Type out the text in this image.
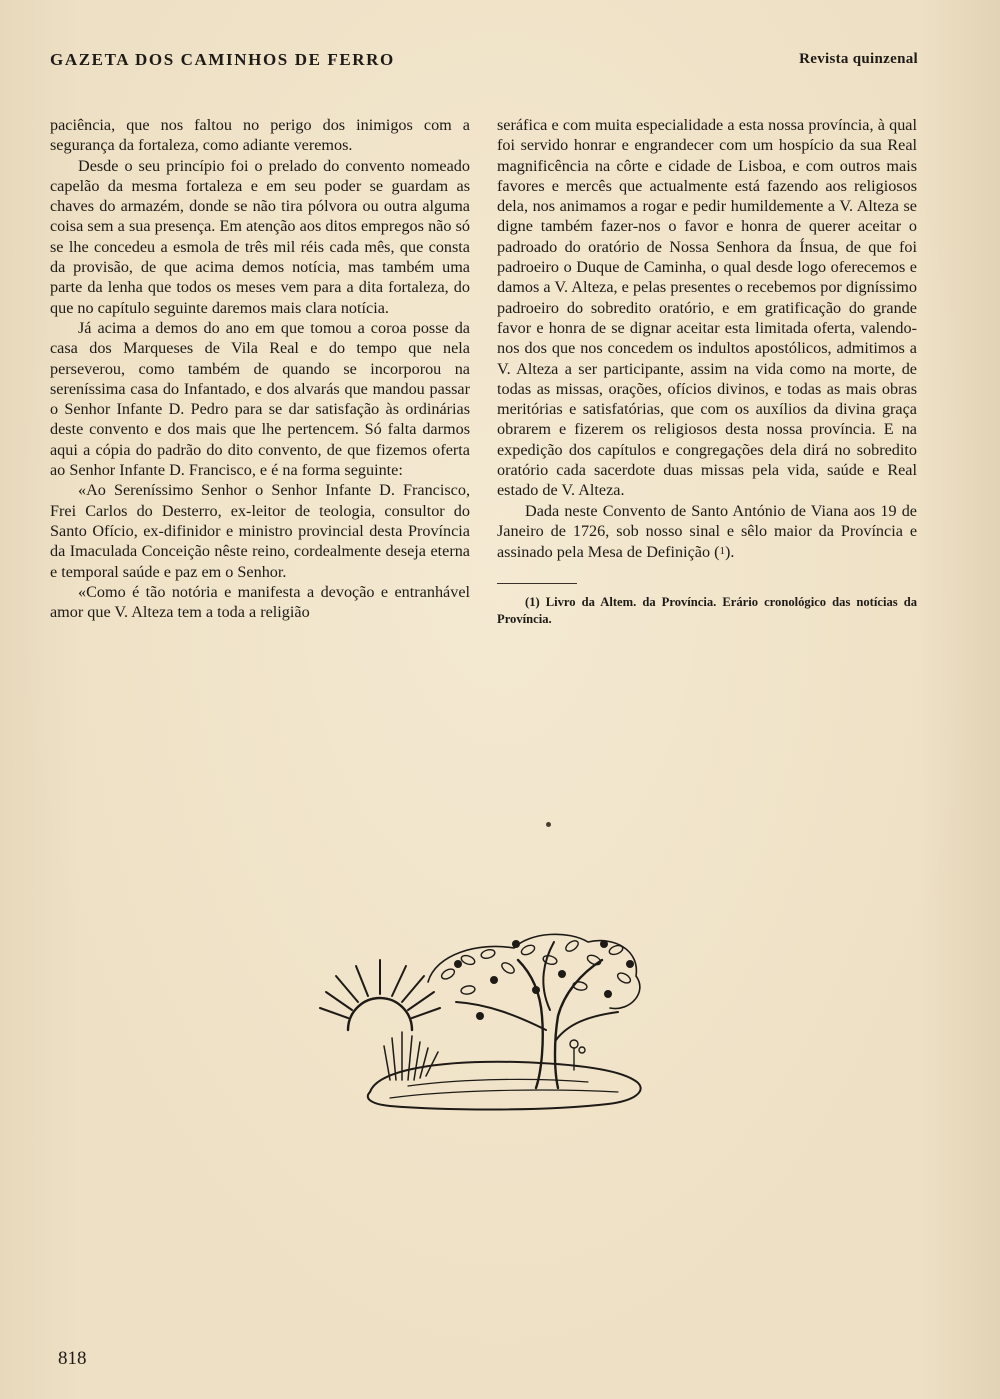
GAZETA DOS CAMINHOS DE FERRO	Revista quinzenal

paciência, que nos faltou no perigo dos inimigos com a segurança da fortaleza, como adiante veremos.

Desde o seu princípio foi o prelado do convento nomeado capelão da mesma fortaleza e em seu poder se guardam as chaves do armazém, donde se não tira pólvora ou outra alguma coisa sem a sua presença. Em atenção aos ditos empregos não só se lhe concedeu a esmola de três mil réis cada mês, que consta da provisão, de que acima demos notícia, mas também uma parte da lenha que todos os meses vem para a dita fortaleza, do que no capítulo seguinte daremos mais clara notícia.

Já acima a demos do ano em que tomou a coroa posse da casa dos Marqueses de Vila Real e do tempo que nela perseverou, como também de quando se incorporou na sereníssima casa do Infantado, e dos alvarás que mandou passar o Senhor Infante D. Pedro para se dar satisfação às ordinárias deste convento e dos mais que lhe pertencem. Só falta darmos aqui a cópia do padrão do dito convento, de que fizemos oferta ao Senhor Infante D. Francisco, e é na forma seguinte:

«Ao Sereníssimo Senhor o Senhor Infante D. Francisco, Frei Carlos do Desterro, ex-leitor de teologia, consultor do Santo Ofício, ex-difinidor e ministro provincial desta Província da Imaculada Conceição nêste reino, cordealmente deseja eterna e temporal saúde e paz em o Senhor.

«Como é tão notória e manifesta a devoção e entranhável amor que V. Alteza tem a toda a religião

seráfica e com muita especialidade a esta nossa província, à qual foi servido honrar e engrandecer com um hospício da sua Real magnificência na côrte e cidade de Lisboa, e com outros mais favores e mercês que actualmente está fazendo aos religiosos dela, nos animamos a rogar e pedir humildemente a V. Alteza se digne também fazer-nos o favor e honra de querer aceitar o padroado do oratório de Nossa Senhora da Ínsua, de que foi padroeiro o Duque de Caminha, o qual desde logo oferecemos e damos a V. Alteza, e pelas presentes o recebemos por digníssimo padroeiro do sobredito oratório, e em gratificação do grande favor e honra de se dignar aceitar esta limitada oferta, valendo-nos dos que nos concedem os indultos apostólicos, admitimos a V. Alteza a ser participante, assim na vida como na morte, de todas as missas, orações, ofícios divinos, e todas as mais obras meritórias e satisfatórias, que com os auxílios da divina graça obrarem e fizerem os religiosos desta nossa província. E na expedição dos capítulos e congregações dela dirá no sobredito oratório cada sacerdote duas missas pela vida, saúde e Real estado de V. Alteza.

Dada neste Convento de Santo António de Viana aos 19 de Janeiro de 1726, sob nosso sinal e sêlo maior da Província e assinado pela Mesa de Definição (1).

(1) Livro da Altem. da Província. Erário cronológico das notícias da Província.

818
